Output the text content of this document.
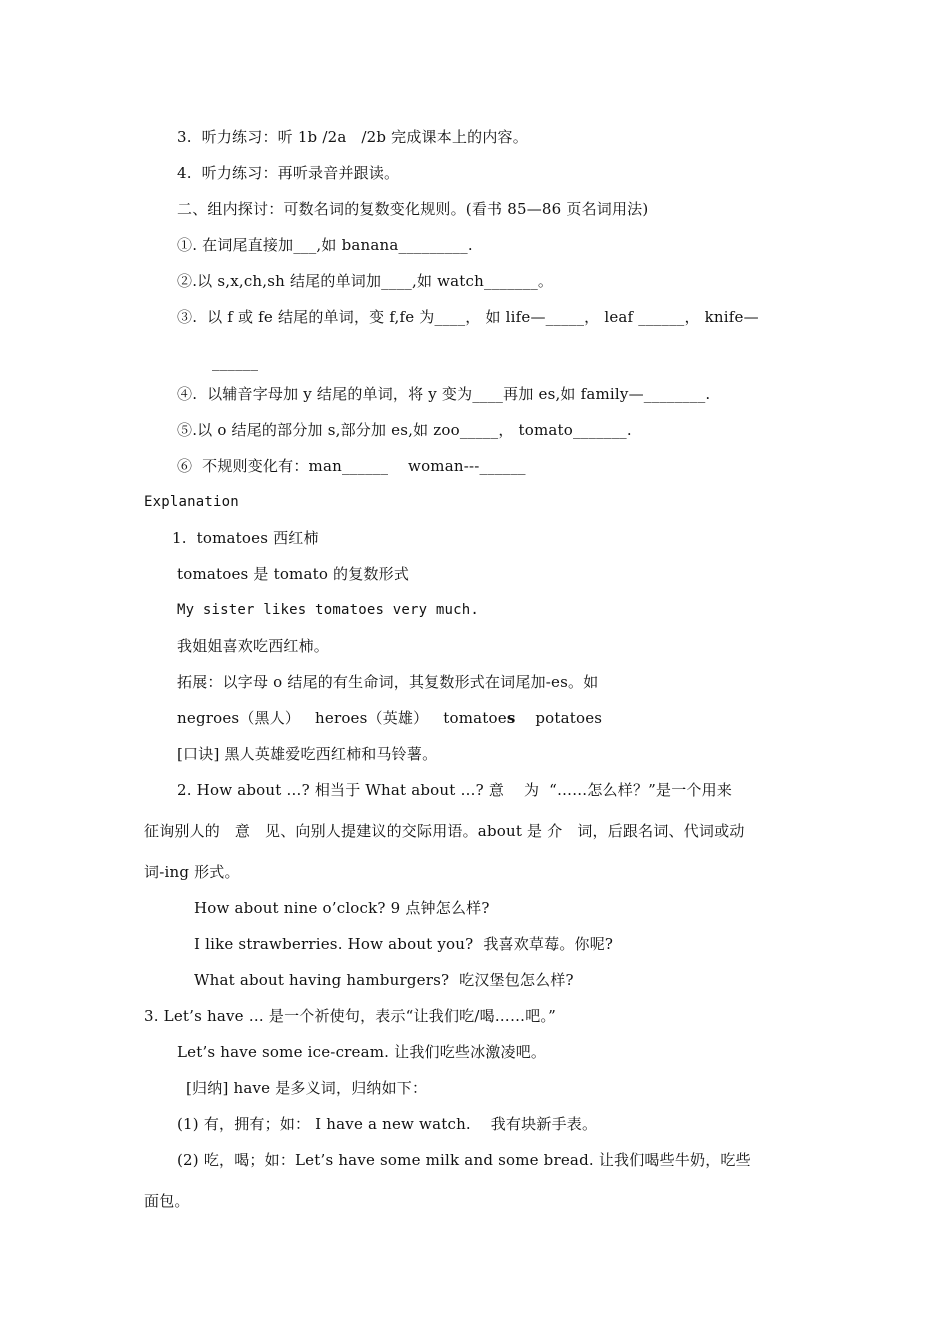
3.  听力练习：听 1b /2a   /2b 完成课本上的内容。
4.  听力练习：再听录音并跟读。
二、组内探讨：可数名词的复数变化规则。(看书 85—86 页名词用法)
①. 在词尾直接加___,如 banana_________.
②.以 s,x,ch,sh 结尾的单词加____,如 watch_______。
③.  以 f 或 fe 结尾的单词，变 f,fe 为____， 如 life—_____， leaf ______， knife—
______
④.  以辅音字母加 y 结尾的单词，将 y 变为____再加 es,如 family—________.
⑤.以 o 结尾的部分加 s,部分加 es,如 zoo_____， tomato_______.
⑥  不规则变化有：man______    woman---______
Explanation
1.  tomatoes 西红柿
tomatoes 是 tomato 的复数形式
My sister likes tomatoes very much.
我姐姐喜欢吃西红柿。
拓展：以字母 o 结尾的有生命词，其复数形式在词尾加-es。如
negroes（黑人）   heroes（英雄）   tomatoes potatoes
[口诀] 黑人英雄爱吃西红柿和马铃薯。
2. How about …? 相当于 What about …? 意    为  “……怎么样？”是一个用来
征询别人的   意   见、向别人提建议的交际用语。about 是 介   词，后跟名词、代词或动
词-ing 形式。
How about nine o’clock? 9 点钟怎么样?
I like strawberries. How about you?  我喜欢草莓。你呢?
What about having hamburgers?  吃汉堡包怎么样?
3. Let’s have … 是一个祈使句，表示“让我们吃/喝……吧。”
Let’s have some ice-cream. 让我们吃些冰激凌吧。
[归纳] have 是多义词，归纳如下：
(1) 有，拥有；如： I have a new watch.    我有块新手表。
(2) 吃，喝；如：Let’s have some milk and some bread. 让我们喝些牛奶，吃些
面包。
